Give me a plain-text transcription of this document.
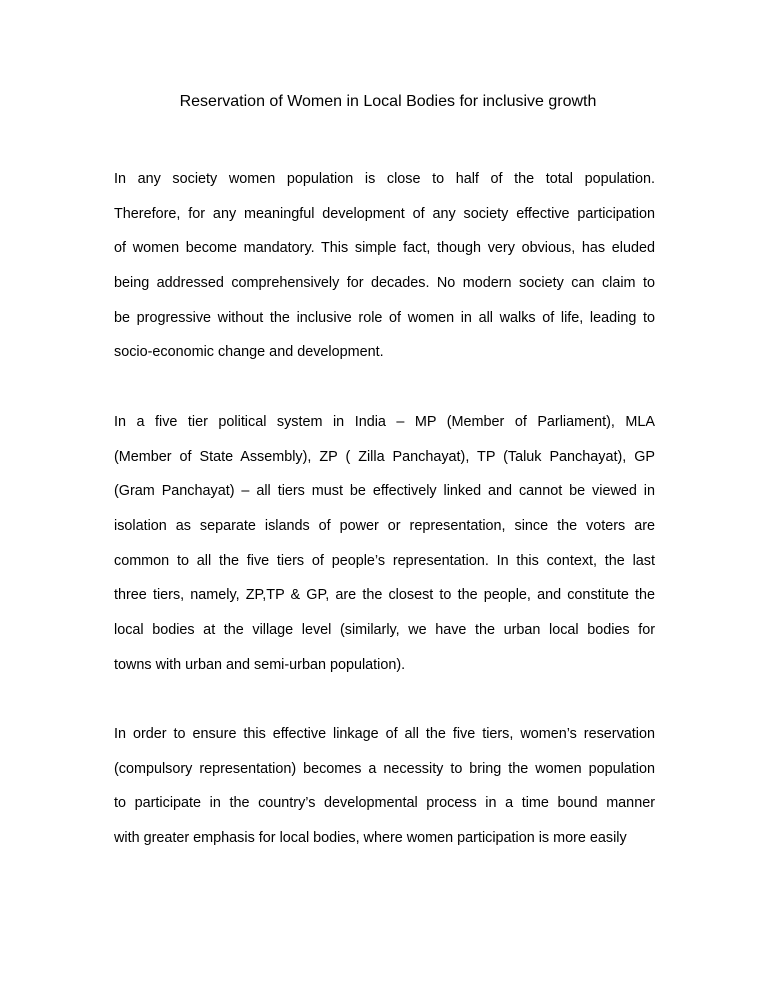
Reservation of Women in Local Bodies for inclusive growth
In any society women population is close to half of the total population.
Therefore, for any meaningful development of any society effective participation
of women become mandatory. This simple fact, though very obvious, has eluded
being addressed comprehensively for decades. No modern society can claim to
be progressive without the inclusive role of women in all walks of life, leading to
socio-economic change and development.
In a five tier political system in India – MP (Member of Parliament), MLA
(Member of State Assembly), ZP ( Zilla Panchayat), TP (Taluk Panchayat), GP
(Gram Panchayat) – all tiers must be effectively linked and cannot be viewed in
isolation as separate islands of power or representation, since the voters are
common to all the five tiers of people’s representation. In this context, the last
three tiers, namely, ZP,TP & GP, are the closest to the people, and constitute the
local bodies at the village level (similarly, we have the urban local bodies for
towns with urban and semi-urban population).
In order to ensure this effective linkage of all the five tiers, women’s reservation
(compulsory representation) becomes a necessity to bring the women population
to participate in the country’s developmental process in a time bound manner
with greater emphasis for local bodies, where women participation is more easily
